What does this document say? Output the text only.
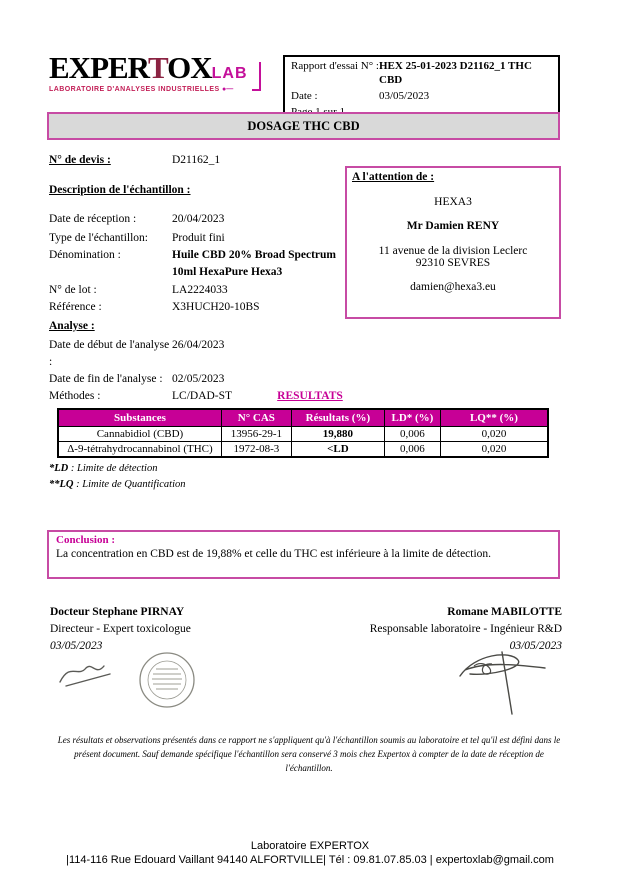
EXPERTOXLAB
LABORATOIRE D'ANALYSES INDUSTRIELLES ●—
Rapport d'essai N° : HEX 25-01-2023 D21162_1 THC CBD
Date :	03/05/2023
DOSAGE THC CBD
N° de devis :	D21162_1
Description de l'échantillon :
Date de réception :	20/04/2023
Type de l'échantillon:	Produit fini
Dénomination :	Huile CBD 20% Broad Spectrum
10ml HexaPure Hexa3
N° de lot :	LA2224033
Référence :	X3HUCH20-10BS
A l'attention de :
HEXA3
Mr Damien RENY
11 avenue de la division Leclerc
92310 SEVRES
damien@hexa3.eu
Analyse :
Date de début de l'analyse :
26/04/2023
Date de fin de l'analyse : 02/05/2023
Méthodes :	LC/DAD-ST	RESULTATS
Substances	N° CAS	Résultats (%)	LD* (%)	LQ** (%)
Cannabidiol (CBD)	13956-29-1	19,880	0,006	0,020
Δ-9-tétrahydrocannabinol (THC)	1972-08-3	<LD	0,006	0,020
*LD : Limite de détection
**LQ : Limite de Quantification
Conclusion :
La concentration en CBD est de 19,88% et celle du THC est inférieure à la limite de détection.
Docteur Stephane PIRNAY
Directeur - Expert toxicologue
03/05/2023
Romane MABILOTTE
Responsable laboratoire - Ingénieur R&D
03/05/2023
Les résultats et observations présentés dans ce rapport ne s'appliquent qu'à l'échantillon soumis au laboratoire et tel qu'il est défini dans le
présent document. Sauf demande spécifique l'échantillon sera conservé 3 mois chez Expertox à compter de la date de réception de l'échantillon.
Laboratoire EXPERTOX
|114-116 Rue Edouard Vaillant 94140 ALFORTVILLE| Tél : 09.81.07.85.03 | expertoxlab@gmail.com
